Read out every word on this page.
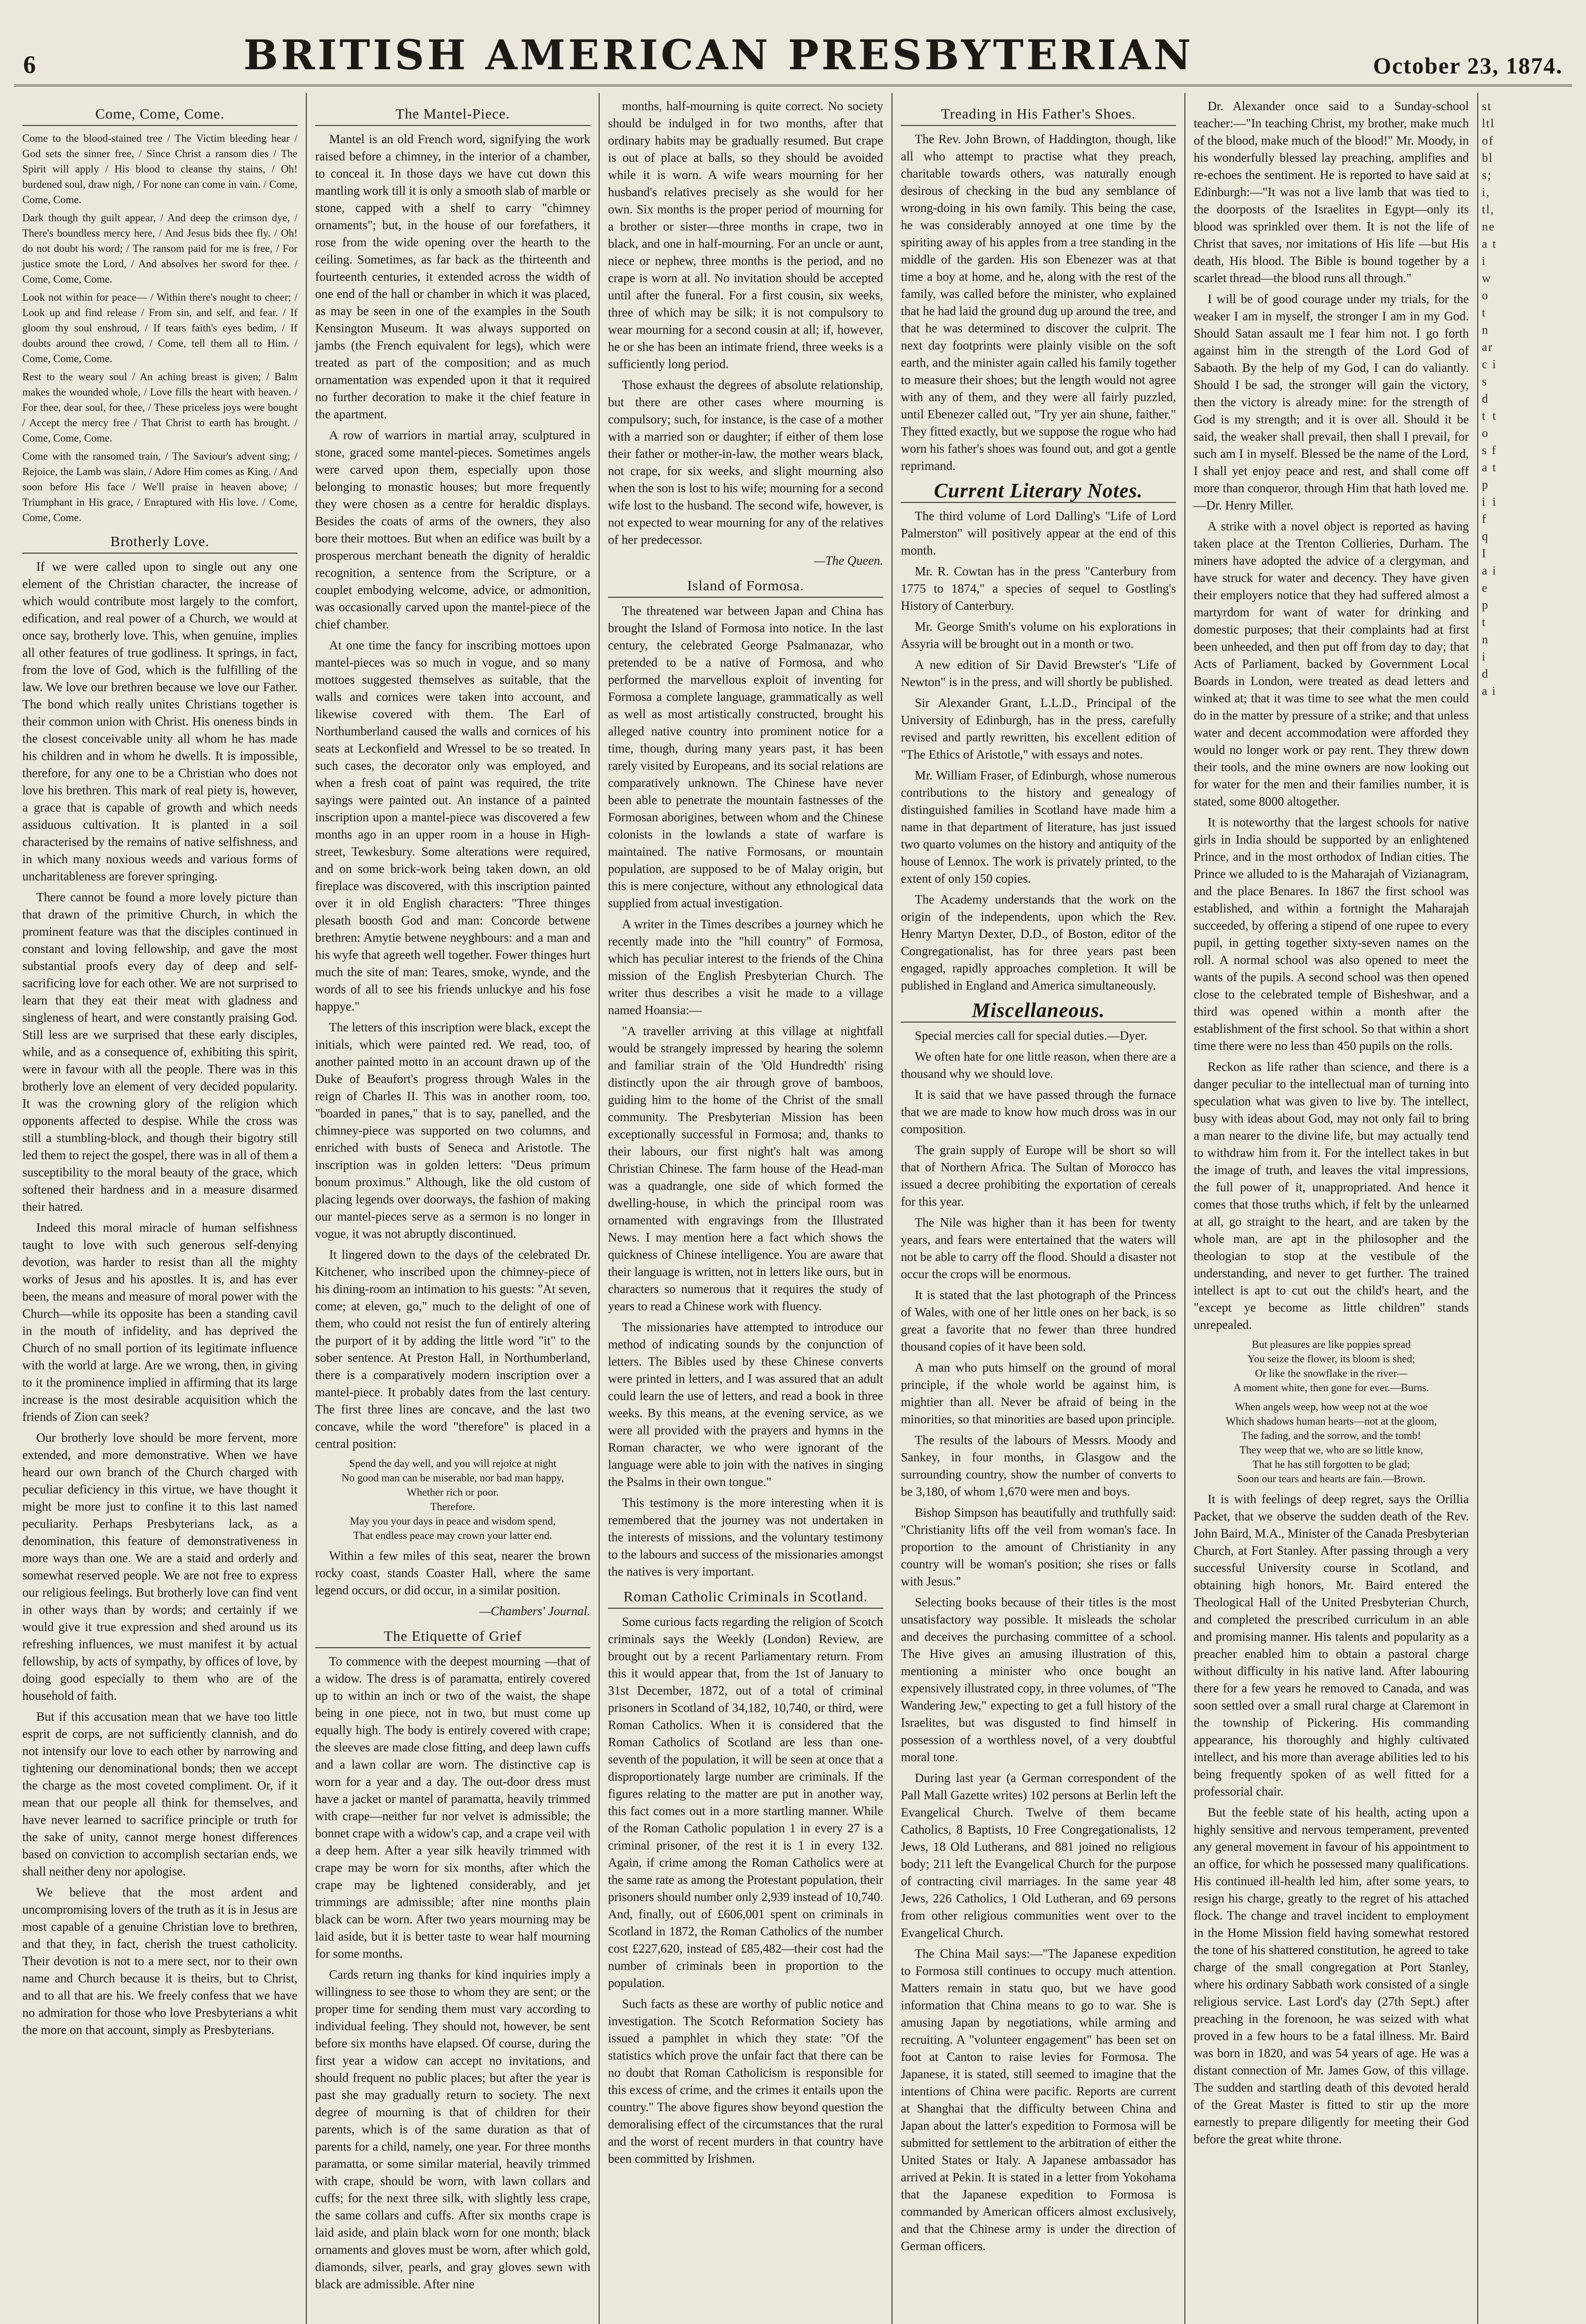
6	BRITISH AMERICAN PRESBYTERIAN	October 23, 1874.
Come, Come, Come.
Come to the blood-stained tree / The Victim bleeding hear / God sets the sinner free, / Since Christ a ransom dies / The Spirit will apply / His blood to cleanse thy stains, / Oh! burdened soul, draw nigh, / For none can come in vain. / Come, Come, Come.
Dark though thy guilt appear, / And deep the crimson dye, / There's boundless mercy here, / And Jesus bids thee fly. / Oh! do not doubt his word; / The ransom paid for me is free, / For justice smote the Lord, / And absolves her sword for thee. / Come, Come, Come.
Look not within for peace— / Within there's nought to cheer; / Look up and find release / From sin, and self, and fear. / If gloom thy soul enshroud, / If tears faith's eyes bedim, / If doubts around thee crowd, / Come, tell them all to Him. / Come, Come, Come.
Rest to the weary soul / An aching breast is given; / Balm makes the wounded whole, / Love fills the heart with heaven. / For thee, dear soul, for thee, / These priceless joys were bought / Accept the mercy free / That Christ to earth has brought. / Come, Come, Come.
Come with the ransomed train, / The Saviour's advent sing; / Rejoice, the Lamb was slain, / Adore Him comes as King. / And soon before His face / We'll praise in heaven above; / Triumphant in His grace, / Enraptured with His love. / Come, Come, Come.
Brotherly Love.

If we were called upon to single out any one element of the Christian character, the increase of which would contribute most largely to the comfort, edification, and real power of a Church, we would at once say, brotherly love. This, when genuine, implies all other features of true godliness. It springs, in fact, from the love of God, which is the fulfilling of the law. We love our brethren because we love our Father. The bond which really unites Christians together is their common union with Christ. His oneness binds in the closest conceivable unity all whom he has made his children and in whom he dwells. It is impossible, therefore, for any one to be a Christian who does not love his brethren. This mark of real piety is, however, a grace that is capable of growth and which needs assiduous cultivation. It is planted in a soil characterised by the remains of native selfishness, and in which many noxious weeds and various forms of uncharitableness are forever springing.

There cannot be found a more lovely picture than that drawn of the primitive Church, in which the prominent feature was that the disciples continued in constant and loving fellowship, and gave the most substantial proofs every day of deep and self-sacrificing love for each other. We are not surprised to learn that they eat their meat with gladness and singleness of heart, and were constantly praising God. Still less are we surprised that these early disciples, while, and as a consequence of, exhibiting this spirit, were in favour with all the people. There was in this brotherly love an element of very decided popularity. It was the crowning glory of the religion which opponents affected to despise. While the cross was still a stumbling-block, and though their bigotry still led them to reject the gospel, there was in all of them a susceptibility to the moral beauty of the grace, which softened their hardness and in a measure disarmed their hatred.

Indeed this moral miracle of human selfishness taught to love with such generous self-denying devotion, was harder to resist than all the mighty works of Jesus and his apostles. It is, and has ever been, the means and measure of moral power with the Church—while its opposite has been a standing cavil in the mouth of infidelity, and has deprived the Church of no small portion of its legitimate influence with the world at large. Are we wrong, then, in giving to it the prominence implied in affirming that its large increase is the most desirable acquisition which the friends of Zion can seek?

Our brotherly love should be more fervent, more extended, and more demonstrative. When we have heard our own branch of the Church charged with peculiar deficiency in this virtue, we have thought it might be more just to confine it to this last named peculiarity. Perhaps Presbyterians lack, as a denomination, this feature of demonstrativeness in more ways than one. We are a staid and orderly and somewhat reserved people. We are not free to express our religious feelings. But brotherly love can find vent in other ways than by words; and certainly if we would give it true expression and shed around us its refreshing influences, we must manifest it by actual fellowship, by acts of sympathy, by offices of love, by doing good especially to them who are of the household of faith.

But if this accusation mean that we have too little esprit de corps, are not sufficiently clannish, and do not intensify our love to each other by narrowing and tightening our denominational bonds; then we accept the charge as the most coveted compliment. Or, if it mean that our people all think for themselves, and have never learned to sacrifice principle or truth for the sake of unity, cannot merge honest differences based on conviction to accomplish sectarian ends, we shall neither deny nor apologise.

We believe that the most ardent and uncompromising lovers of the truth as it is in Jesus are most capable of a genuine Christian love to brethren, and that they, in fact, cherish the truest catholicity. Their devotion is not to a mere sect, nor to their own name and Church because it is theirs, but to Christ, and to all that are his. We freely confess that we have no admiration for those who love Presbyterians a whit the more on that account, simply as Presbyterians.

The Mantel-Piece.

Mantel is an old French word, signifying the work raised before a chimney, in the interior of a chamber, to conceal it. In those days we have cut down this mantling work till it is only a smooth slab of marble or stone, capped with a shelf to carry "chimney ornaments"; but, in the house of our forefathers, it rose from the wide opening over the hearth to the ceiling. Sometimes, as far back as the thirteenth and fourteenth centuries, it extended across the width of one end of the hall or chamber in which it was placed, as may be seen in one of the examples in the South Kensington Museum. It was always supported on jambs (the French equivalent for legs), which were treated as part of the composition; and as much ornamentation was expended upon it that it required no further decoration to make it the chief feature in the apartment.

A row of warriors in martial array, sculptured in stone, graced some mantel-pieces. Sometimes angels were carved upon them, especially upon those belonging to monastic houses; but more frequently they were chosen as a centre for heraldic displays. Besides the coats of arms of the owners, they also bore their mottoes. But when an edifice was built by a prosperous merchant beneath the dignity of heraldic recognition, a sentence from the Scripture, or a couplet embodying welcome, advice, or admonition, was occasionally carved upon the mantel-piece of the chief chamber.

At one time the fancy for inscribing mottoes upon mantel-pieces was so much in vogue, and so many mottoes suggested themselves as suitable, that the walls and cornices were taken into account, and likewise covered with them. The Earl of Northumberland caused the walls and cornices of his seats at Leckonfield and Wressel to be so treated. In such cases, the decorator only was employed, and when a fresh coat of paint was required, the trite sayings were painted out. An instance of a painted inscription upon a mantel-piece was discovered a few months ago in an upper room in a house in High-street, Tewkesbury. Some alterations were required, and on some brick-work being taken down, an old fireplace was discovered, with this inscription painted over it in old English characters: "Three thinges plesath boosth God and man: Concorde betwene brethren: Amytie betwene neyghbours: and a man and his wyfe that agreeth well together. Fower thinges hurt much the site of man: Teares, smoke, wynde, and the words of all to see his friends unluckye and his fose happye."

The letters of this inscription were black, except the initials, which were painted red. We read, too, of another painted motto in an account drawn up of the Duke of Beaufort's progress through Wales in the reign of Charles II. This was in another room, too, "boarded in panes," that is to say, panelled, and the chimney-piece was supported on two columns, and enriched with busts of Seneca and Aristotle. The inscription was in golden letters: "Deus primum bonum proximus." Although, like the old custom of placing legends over doorways, the fashion of making our mantel-pieces serve as a sermon is no longer in vogue, it was not abruptly discontinued.

It lingered down to the days of the celebrated Dr. Kitchener, who inscribed upon the chimney-piece of his dining-room an intimation to his guests: "At seven, come; at eleven, go," much to the delight of one of them, who could not resist the fun of entirely altering the purport of it by adding the little word "it" to the sober sentence. At Preston Hall, in Northumberland, there is a comparatively modern inscription over a mantel-piece. It probably dates from the last century. The first three lines are concave, and the last two concave, while the word "therefore" is placed in a central position:

Spend the day well, and you will rejoice at night
No good man can be miserable, nor bad man happy,
Whether rich or poor.
Therefore.
May you your days in peace and wisdom spend,
That endless peace may crown your latter end.

Within a few miles of this seat, nearer the brown rocky coast, stands Coaster Hall, where the same legend occurs, or did occur, in a similar position.

—Chambers' Journal.
The Etiquette of Grief

To commence with the deepest mourning —that of a widow. The dress is of paramatta, entirely covered up to within an inch or two of the waist, the shape being in one piece, not in two, but must come up equally high. The body is entirely covered with crape; the sleeves are made close fitting, and deep lawn cuffs and a lawn collar are worn. The distinctive cap is worn for a year and a day. The out-door dress must have a jacket or mantel of paramatta, heavily trimmed with crape—neither fur nor velvet is admissible; the bonnet crape with a widow's cap, and a crape veil with a deep hem. After a year silk heavily trimmed with crape may be worn for six months, after which the crape may be lightened considerably, and jet trimmings are admissible; after nine months plain black can be worn. After two years mourning may be laid aside, but it is better taste to wear half mourning for some months.

Cards return ing thanks for kind inquiries imply a willingness to see those to whom they are sent; or the proper time for sending them must vary according to individual feeling. They should not, however, be sent before six months have elapsed. Of course, during the first year a widow can accept no invitations, and should frequent no public places; but after the year is past she may gradually return to society. The next degree of mourning is that of children for their parents, which is of the same duration as that of parents for a child, namely, one year. For three months paramatta, or some similar material, heavily trimmed with crape, should be worn, with lawn collars and cuffs; for the next three silk, with slightly less crape, the same collars and cuffs. After six months crape is laid aside, and plain black worn for one month; black ornaments and gloves must be worn, after which gold, diamonds, silver, pearls, and gray gloves sewn with black are admissible. After nine

months, half-mourning is quite correct. No society should be indulged in for two months, after that ordinary habits may be gradually resumed. But crape is out of place at balls, so they should be avoided while it is worn. A wife wears mourning for her husband's relatives precisely as she would for her own. Six months is the proper period of mourning for a brother or sister—three months in crape, two in black, and one in half-mourning. For an uncle or aunt, niece or nephew, three months is the period, and no crape is worn at all. No invitation should be accepted until after the funeral. For a first cousin, six weeks, three of which may be silk; it is not compulsory to wear mourning for a second cousin at all; if, however, he or she has been an intimate friend, three weeks is a sufficiently long period.

Those exhaust the degrees of absolute relationship, but there are other cases where mourning is compulsory; such, for instance, is the case of a mother with a married son or daughter; if either of them lose their father or mother-in-law, the mother wears black, not crape, for six weeks, and slight mourning also when the son is lost to his wife; mourning for a second wife lost to the husband. The second wife, however, is not expected to wear mourning for any of the relatives of her predecessor.

—The Queen.
Island of Formosa.

The threatened war between Japan and China has brought the Island of Formosa into notice. In the last century, the celebrated George Psalmanazar, who pretended to be a native of Formosa, and who performed the marvellous exploit of inventing for Formosa a complete language, grammatically as well as well as most artistically constructed, brought his alleged native country into prominent notice for a time, though, during many years past, it has been rarely visited by Europeans, and its social relations are comparatively unknown. The Chinese have never been able to penetrate the mountain fastnesses of the Formosan aborigines, between whom and the Chinese colonists in the lowlands a state of warfare is maintained. The native Formosans, or mountain population, are supposed to be of Malay origin, but this is mere conjecture, without any ethnological data supplied from actual investigation.

A writer in the Times describes a journey which he recently made into the "hill country" of Formosa, which has peculiar interest to the friends of the China mission of the English Presbyterian Church. The writer thus describes a visit he made to a village named Hoansia:—

"A traveller arriving at this village at nightfall would be strangely impressed by hearing the solemn and familiar strain of the 'Old Hundredth' rising distinctly upon the air through grove of bamboos, guiding him to the home of the Christ of the small community. The Presbyterian Mission has been exceptionally successful in Formosa; and, thanks to their labours, our first night's halt was among Christian Chinese. The farm house of the Head-man was a quadrangle, one side of which formed the dwelling-house, in which the principal room was ornamented with engravings from the Illustrated News. I may mention here a fact which shows the quickness of Chinese intelligence. You are aware that their language is written, not in letters like ours, but in characters so numerous that it requires the study of years to read a Chinese work with fluency.

The missionaries have attempted to introduce our method of indicating sounds by the conjunction of letters. The Bibles used by these Chinese converts were printed in letters, and I was assured that an adult could learn the use of letters, and read a book in three weeks. By this means, at the evening service, as we were all provided with the prayers and hymns in the Roman character, we who were ignorant of the language were able to join with the natives in singing the Psalms in their own tongue."

This testimony is the more interesting when it is remembered that the journey was not undertaken in the interests of missions, and the voluntary testimony to the labours and success of the missionaries amongst the natives is very important.

Roman Catholic Criminals in Scotland.

Some curious facts regarding the religion of Scotch criminals says the Weekly (London) Review, are brought out by a recent Parliamentary return. From this it would appear that, from the 1st of January to 31st December, 1872, out of a total of criminal prisoners in Scotland of 34,182, 10,740, or third, were Roman Catholics. When it is considered that the Roman Catholics of Scotland are less than one-seventh of the population, it will be seen at once that a disproportionately large number are criminals. If the figures relating to the matter are put in another way, this fact comes out in a more startling manner. While of the Roman Catholic population 1 in every 27 is a criminal prisoner, of the rest it is 1 in every 132. Again, if crime among the Roman Catholics were at the same rate as among the Protestant population, their prisoners should number only 2,939 instead of 10,740. And, finally, out of £606,001 spent on criminals in Scotland in 1872, the Roman Catholics of the number cost £227,620, instead of £85,482—their cost had the number of criminals been in proportion to the population.

Such facts as these are worthy of public notice and investigation. The Scotch Reformation Society has issued a pamphlet in which they state: "Of the statistics which prove the unfair fact that there can be no doubt that Roman Catholicism is responsible for this excess of crime, and the crimes it entails upon the country." The above figures show beyond question the demoralising effect of the circumstances that the rural and the worst of recent murders in that country have been committed by Irishmen.

Treading in His Father's Shoes.

The Rev. John Brown, of Haddington, though, like all who attempt to practise what they preach, charitable towards others, was naturally enough desirous of checking in the bud any semblance of wrong-doing in his own family. This being the case, he was considerably annoyed at one time by the spiriting away of his apples from a tree standing in the middle of the garden. His son Ebenezer was at that time a boy at home, and he, along with the rest of the family, was called before the minister, who explained that he had laid the ground dug up around the tree, and that he was determined to discover the culprit. The next day footprints were plainly visible on the soft earth, and the minister again called his family together to measure their shoes; but the length would not agree with any of them, and they were all fairly puzzled, until Ebenezer called out, "Try yer ain shune, faither." They fitted exactly, but we suppose the rogue who had worn his father's shoes was found out, and got a gentle reprimand.

Current Literary Notes.

The third volume of Lord Dalling's "Life of Lord Palmerston" will positively appear at the end of this month.

Mr. R. Cowtan has in the press "Canterbury from 1775 to 1874," a species of sequel to Gostling's History of Canterbury.

Mr. George Smith's volume on his explorations in Assyria will be brought out in a month or two.

A new edition of Sir David Brewster's "Life of Newton" is in the press, and will shortly be published.

Sir Alexander Grant, L.L.D., Principal of the University of Edinburgh, has in the press, carefully revised and partly rewritten, his excellent edition of "The Ethics of Aristotle," with essays and notes.

Mr. William Fraser, of Edinburgh, whose numerous contributions to the history and genealogy of distinguished families in Scotland have made him a name in that department of literature, has just issued two quarto volumes on the history and antiquity of the house of Lennox. The work is privately printed, to the extent of only 150 copies.

The Academy understands that the work on the origin of the independents, upon which the Rev. Henry Martyn Dexter, D.D., of Boston, editor of the Congregationalist, has for three years past been engaged, rapidly approaches completion. It will be published in England and America simultaneously.

Miscellaneous.

Special mercies call for special duties.—Dyer.

We often hate for one little reason, when there are a thousand why we should love.

It is said that we have passed through the furnace that we are made to know how much dross was in our composition.

The grain supply of Europe will be short so will that of Northern Africa. The Sultan of Morocco has issued a decree prohibiting the exportation of cereals for this year.

The Nile was higher than it has been for twenty years, and fears were entertained that the waters will not be able to carry off the flood. Should a disaster not occur the crops will be enormous.

It is stated that the last photograph of the Princess of Wales, with one of her little ones on her back, is so great a favorite that no fewer than three hundred thousand copies of it have been sold.

A man who puts himself on the ground of moral principle, if the whole world be against him, is mightier than all. Never be afraid of being in the minorities, so that minorities are based upon principle.

The results of the labours of Messrs. Moody and Sankey, in four months, in Glasgow and the surrounding country, show the number of converts to be 3,180, of whom 1,670 were men and boys.

Bishop Simpson has beautifully and truthfully said: "Christianity lifts off the veil from woman's face. In proportion to the amount of Christianity in any country will be woman's position; she rises or falls with Jesus."

Selecting books because of their titles is the most unsatisfactory way possible. It misleads the scholar and deceives the purchasing committee of a school. The Hive gives an amusing illustration of this, mentioning a minister who once bought an expensively illustrated copy, in three volumes, of "The Wandering Jew," expecting to get a full history of the Israelites, but was disgusted to find himself in possession of a worthless novel, of a very doubtful moral tone.

During last year (a German correspondent of the Pall Mall Gazette writes) 102 persons at Berlin left the Evangelical Church. Twelve of them became Catholics, 8 Baptists, 10 Free Congregationalists, 12 Jews, 18 Old Lutherans, and 881 joined no religious body; 211 left the Evangelical Church for the purpose of contracting civil marriages. In the same year 48 Jews, 226 Catholics, 1 Old Lutheran, and 69 persons from other religious communities went over to the Evangelical Church.

The China Mail says:—"The Japanese expedition to Formosa still continues to occupy much attention. Matters remain in statu quo, but we have good information that China means to go to war. She is amusing Japan by negotiations, while arming and recruiting. A "volunteer engagement" has been set on foot at Canton to raise levies for Formosa. The Japanese, it is stated, still seemed to imagine that the intentions of China were pacific. Reports are current at Shanghai that the difficulty between China and Japan about the latter's expedition to Formosa will be submitted for settlement to the arbitration of either the United States or Italy. A Japanese ambassador has arrived at Pekin. It is stated in a letter from Yokohama that the Japanese expedition to Formosa is commanded by American officers almost exclusively, and that the Chinese army is under the direction of German officers.

Dr. Alexander once said to a Sunday-school teacher:—"In teaching Christ, my brother, make much of the blood, make much of the blood!" Mr. Moody, in his wonderfully blessed lay preaching, amplifies and re-echoes the sentiment. He is reported to have said at Edinburgh:—"It was not a live lamb that was tied to the doorposts of the Israelites in Egypt—only its blood was sprinkled over them. It is not the life of Christ that saves, nor imitations of His life —but His death, His blood. The Bible is bound together by a scarlet thread—the blood runs all through."

I will be of good courage under my trials, for the weaker I am in myself, the stronger I am in my God. Should Satan assault me I fear him not. I go forth against him in the strength of the Lord God of Sabaoth. By the help of my God, I can do valiantly. Should I be sad, the stronger will gain the victory, then the victory is already mine: for the strength of God is my strength; and it is over all. Should it be said, the weaker shall prevail, then shall I prevail, for such am I in myself. Blessed be the name of the Lord, I shall yet enjoy peace and rest, and shall come off more than conqueror, through Him that hath loved me.—Dr. Henry Miller.

A strike with a novel object is reported as having taken place at the Trenton Collieries, Durham. The miners have adopted the advice of a clergyman, and have struck for water and decency. They have given their employers notice that they had suffered almost a martyrdom for want of water for drinking and domestic purposes; that their complaints had at first been unheeded, and then put off from day to day; that Acts of Parliament, backed by Government Local Boards in London, were treated as dead letters and winked at; that it was time to see what the men could do in the matter by pressure of a strike; and that unless water and decent accommodation were afforded they would no longer work or pay rent. They threw down their tools, and the mine owners are now looking out for water for the men and their families number, it is stated, some 8000 altogether.

It is noteworthy that the largest schools for native girls in India should be supported by an enlightened Prince, and in the most orthodox of Indian cities. The Prince we alluded to is the Maharajah of Vizianagram, and the place Benares. In 1867 the first school was established, and within a fortnight the Maharajah succeeded, by offering a stipend of one rupee to every pupil, in getting together sixty-seven names on the roll. A normal school was also opened to meet the wants of the pupils. A second school was then opened close to the celebrated temple of Bisheshwar, and a third was opened within a month after the establishment of the first school. So that within a short time there were no less than 450 pupils on the rolls.

Reckon as life rather than science, and there is a danger peculiar to the intellectual man of turning into speculation what was given to live by. The intellect, busy with ideas about God, may not only fail to bring a man nearer to the divine life, but may actually tend to withdraw him from it. For the intellect takes in but the image of truth, and leaves the vital impressions, the full power of it, unappropriated. And hence it comes that those truths which, if felt by the unlearned at all, go straight to the heart, and are taken by the whole man, are apt in the philosopher and the theologian to stop at the vestibule of the understanding, and never to get further. The trained intellect is apt to cut out the child's heart, and the "except ye become as little children" stands unrepealed.

But pleasures are like poppies spread
You seize the flower, its bloom is shed;
Or like the snowflake in the river—
A moment white, then gone for ever.—Burns.
When angels weep, how weep not at the woe
Which shadows human hearts—not at the gloom,
The fading, and the sorrow, and the tomb!
They weep that we, who are so little know,
That he has still forgotten to be glad;
Soon our tears and hearts are fain.—Brown.

It is with feelings of deep regret, says the Orillia Packet, that we observe the sudden death of the Rev. John Baird, M.A., Minister of the Canada Presbyterian Church, at Fort Stanley. After passing through a very successful University course in Scotland, and obtaining high honors, Mr. Baird entered the Theological Hall of the United Presbyterian Church, and completed the prescribed curriculum in an able and promising manner. His talents and popularity as a preacher enabled him to obtain a pastoral charge without difficulty in his native land. After labouring there for a few years he removed to Canada, and was soon settled over a small rural charge at Claremont in the township of Pickering. His commanding appearance, his thoroughly and highly cultivated intellect, and his more than average abilities led to his being frequently spoken of as well fitted for a professorial chair.

But the feeble state of his health, acting upon a highly sensitive and nervous temperament, prevented any general movement in favour of his appointment to an office, for which he possessed many qualifications. His continued ill-health led him, after some years, to resign his charge, greatly to the regret of his attached flock. The change and travel incident to employment in the Home Mission field having somewhat restored the tone of his shattered constitution, he agreed to take charge of the small congregation at Port Stanley, where his ordinary Sabbath work consisted of a single religious service. Last Lord's day (27th Sept.) after preaching in the forenoon, he was seized with what proved in a few hours to be a fatal illness. Mr. Baird was born in 1820, and was 54 years of age. He was a distant connection of Mr. James Gow, of this village. The sudden and startling death of this devoted herald of the Great Master is fitted to stir up the more earnestly to prepare diligently for meeting their God before the great white throne.

st ltl of bl s; i, tl, ne a ti w o t n ar c i s d t t o s f a t p i i f q I a i e p t n i d a i
